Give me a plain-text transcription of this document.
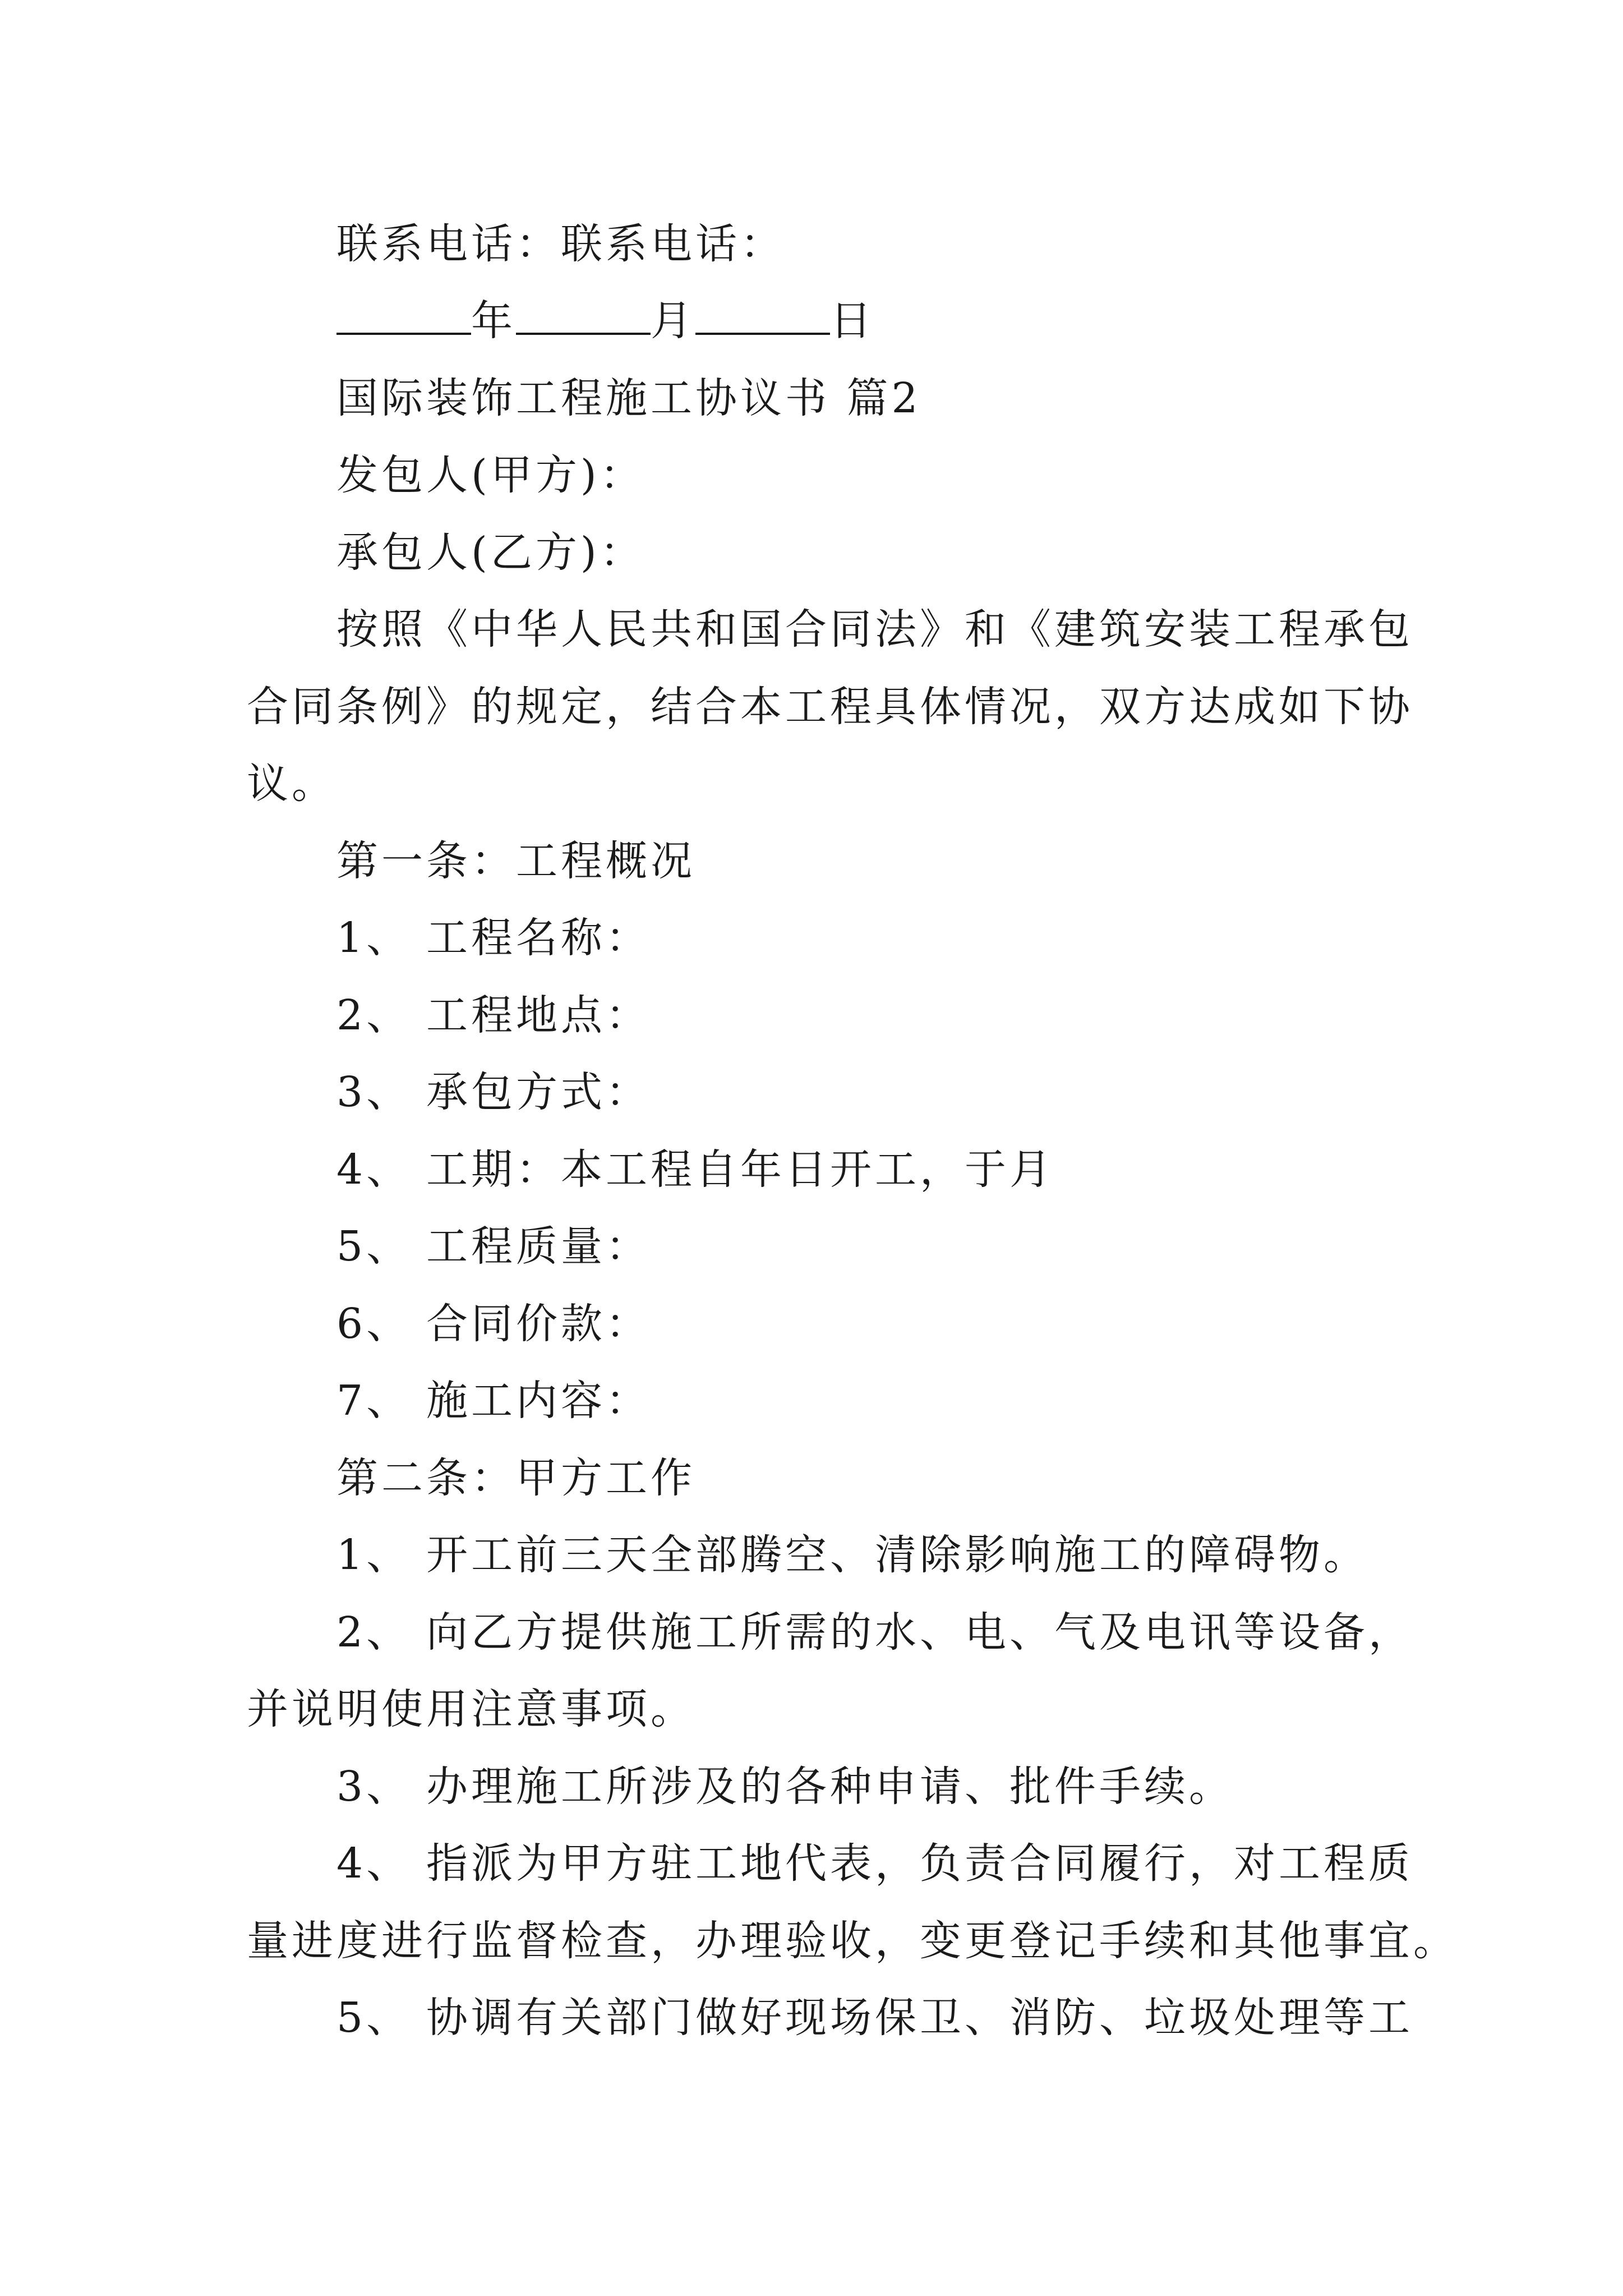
联系电话：联系电话：
年	月	日
国际装饰工程施工协议书 篇2
发包人(甲方)：
承包人(乙方)：
按照《中华人民共和国合同法》和《建筑安装工程承包
合同条例》的规定，结合本工程具体情况，双方达成如下协
议。
第一条：工程概况
1、 工程名称：
2、 工程地点：
3、 承包方式：
4、 工期：本工程自年日开工，于月
5、 工程质量：
6、 合同价款：
7、 施工内容：
第二条：甲方工作
1、 开工前三天全部腾空、清除影响施工的障碍物。
2、 向乙方提供施工所需的水、电、气及电讯等设备，
并说明使用注意事项。
3、 办理施工所涉及的各种申请、批件手续。
4、 指派为甲方驻工地代表，负责合同履行，对工程质
量进度进行监督检查，办理验收，变更登记手续和其他事宜。
5、 协调有关部门做好现场保卫、消防、垃圾处理等工
